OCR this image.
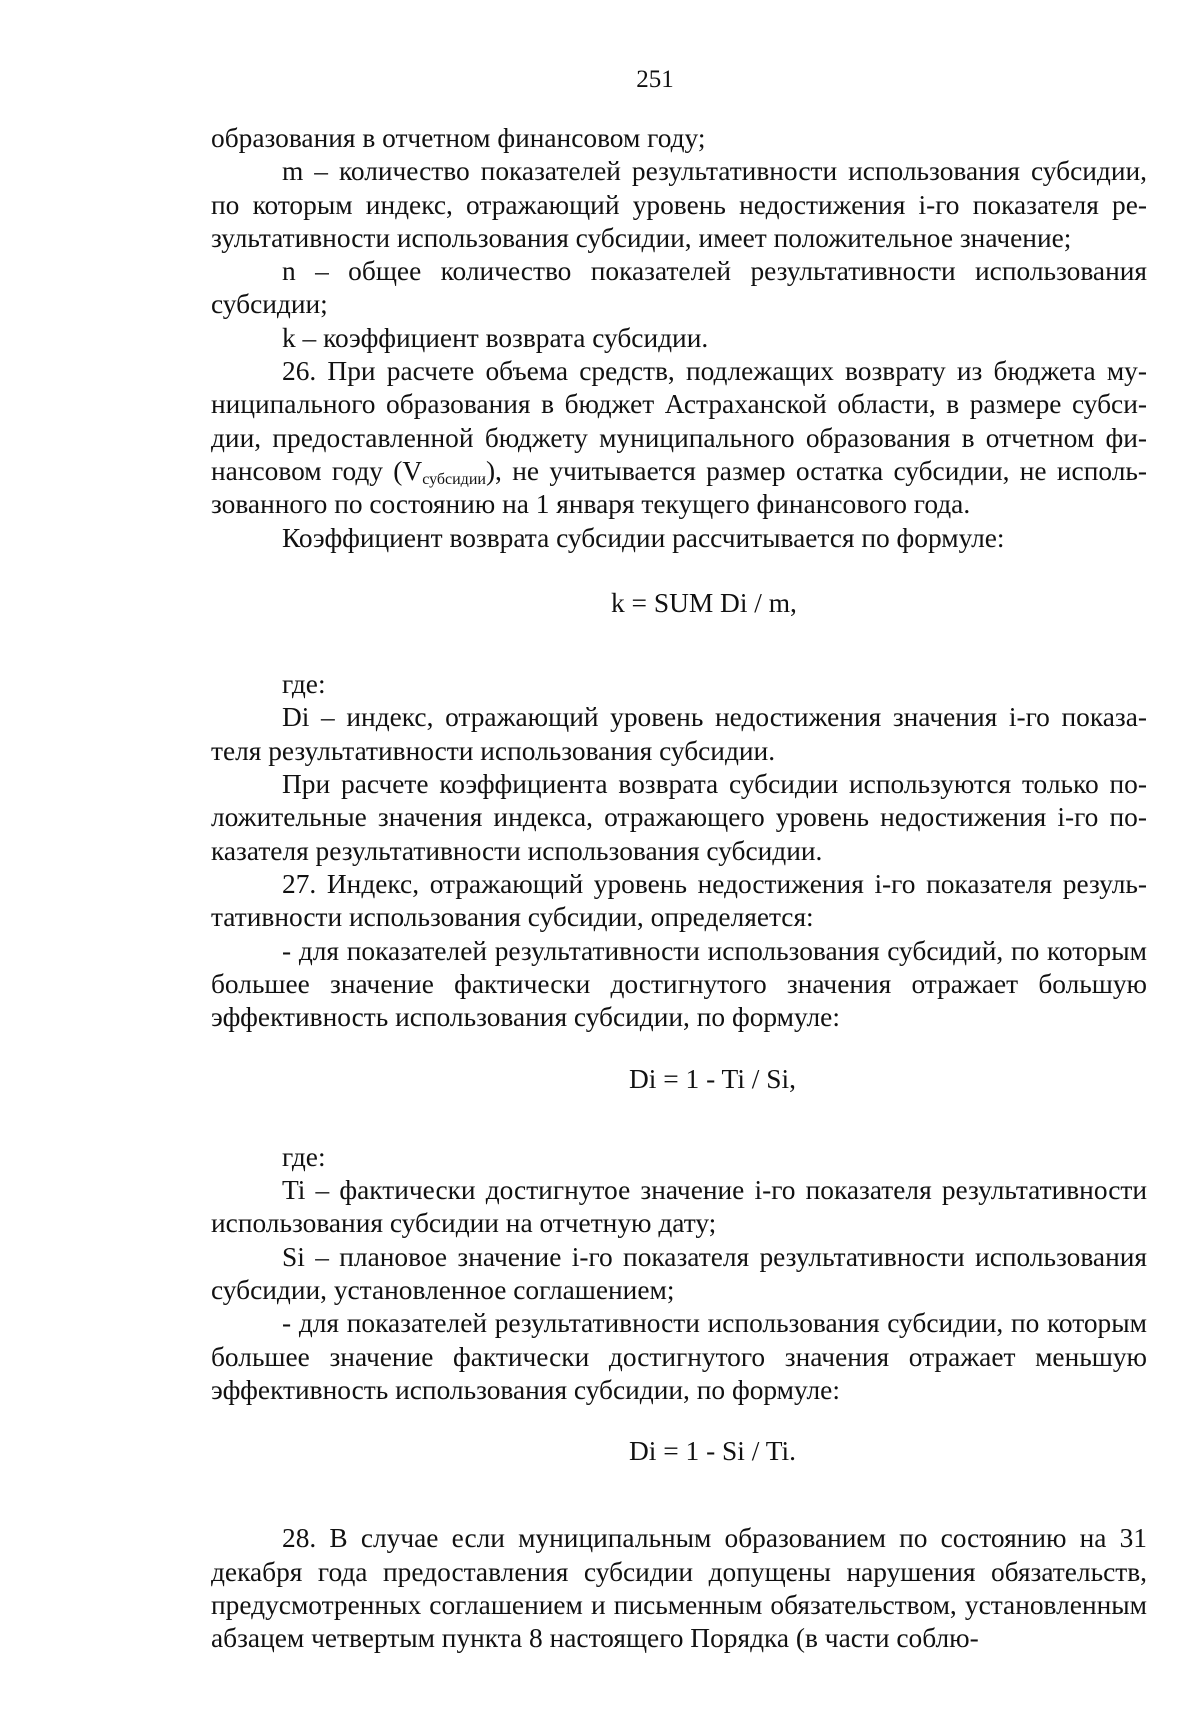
251

образования в отчетном финансовом году;

m – количество показателей результативности использования субсидии, по которым индекс, отражающий уровень недостижения i-го показателя результативности использования субсидии, имеет положительное значение;

n – общее количество показателей результативности использования субсидии;

k – коэффициент возврата субсидии.

26. При расчете объема средств, подлежащих возврату из бюджета муниципального образования в бюджет Астраханской области, в размере субсидии, предоставленной бюджету муниципального образования в отчетном финансовом году $(V_{субсидии})$, не учитывается размер остатка субсидии, не использованного по состоянию на 1 января текущего финансового года.

Коэффициент возврата субсидии рассчитывается по формуле:

k = SUM Di / m,

где:

Di – индекс, отражающий уровень недостижения значения i-го показателя результативности использования субсидии.

При расчете коэффициента возврата субсидии используются только положительные значения индекса, отражающего уровень недостижения i-го показателя результативности использования субсидии.

27. Индекс, отражающий уровень недостижения i-го показателя результативности использования субсидии, определяется:

- для показателей результативности использования субсидий, по которым большее значение фактически достигнутого значения отражает большую эффективность использования субсидии, по формуле:

Di = 1 - Ti / Si,

где:

Ti – фактически достигнутое значение i-го показателя результативности использования субсидии на отчетную дату;

Si – плановое значение i-го показателя результативности использования субсидии, установленное соглашением;

- для показателей результативности использования субсидии, по которым большее значение фактически достигнутого значения отражает меньшую эффективность использования субсидии, по формуле:

Di = 1 - Si / Ti.

28. В случае если муниципальным образованием по состоянию на 31 декабря года предоставления субсидии допущены нарушения обязательств, предусмотренных соглашением и письменным обязательством, установленным абзацем четвертым пункта 8 настоящего Порядка (в части соблю-
